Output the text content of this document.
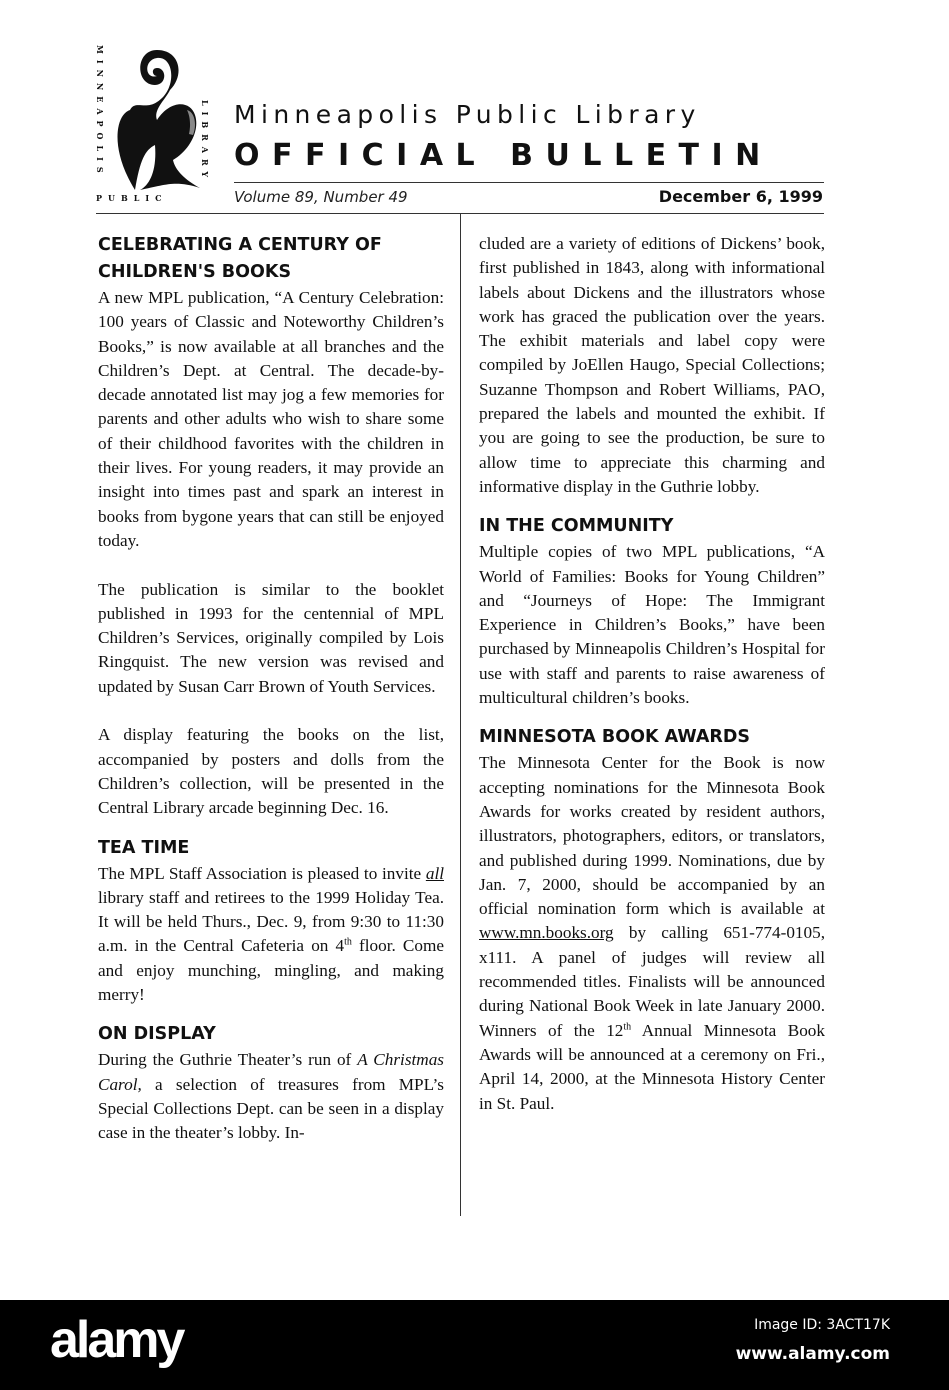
MINNEAPOLIS	LIBRARY
PUBLIC
Minneapolis Public Library
OFFICIAL BULLETIN
Volume 89, Number 49	December 6, 1999
CELEBRATING A CENTURY OF CHILDREN'S BOOKS

A new MPL publication, “A Century Celebration: 100 years of Classic and Noteworthy Children’s Books,” is now available at all branches and the Children’s Dept. at Central. The decade-by-decade annotated list may jog a few memories for parents and other adults who wish to share some of their childhood favorites with the children in their lives. For young readers, it may provide an insight into times past and spark an interest in books from bygone years that can still be enjoyed today.

The publication is similar to the booklet published in 1993 for the centennial of MPL Children’s Services, originally compiled by Lois Ringquist. The new version was revised and updated by Susan Carr Brown of Youth Services.

A display featuring the books on the list, accompanied by posters and dolls from the Children’s collection, will be presented in the Central Library arcade beginning Dec. 16.

TEA TIME

The MPL Staff Association is pleased to invite all library staff and retirees to the 1999 Holiday Tea. It will be held Thurs., Dec. 9, from 9:30 to 11:30 a.m. in the Central Cafeteria on 4th floor. Come and enjoy munching, mingling, and making merry!

ON DISPLAY

During the Guthrie Theater’s run of A Christmas Carol, a selection of treasures from MPL’s Special Collections Dept. can be seen in a display case in the theater’s lobby. In-

cluded are a variety of editions of Dickens’ book, first published in 1843, along with informational labels about Dickens and the illustrators whose work has graced the publication over the years. The exhibit materials and label copy were compiled by JoEllen Haugo, Special Collections; Suzanne Thompson and Robert Williams, PAO, prepared the labels and mounted the exhibit. If you are going to see the production, be sure to allow time to appreciate this charming and informative display in the Guthrie lobby.

IN THE COMMUNITY

Multiple copies of two MPL publications, “A World of Families: Books for Young Children” and “Journeys of Hope: The Immigrant Experience in Children’s Books,” have been purchased by Minneapolis Children’s Hospital for use with staff and parents to raise awareness of multicultural children’s books.

MINNESOTA BOOK AWARDS

The Minnesota Center for the Book is now accepting nominations for the Minnesota Book Awards for works created by resident authors, illustrators, photographers, editors, or translators, and published during 1999. Nominations, due by Jan. 7, 2000, should be accompanied by an official nomination form which is available at www.mn.books.org by calling 651-774-0105, x111. A panel of judges will review all recommended titles. Finalists will be announced during National Book Week in late January 2000. Winners of the 12th Annual Minnesota Book Awards will be announced at a ceremony on Fri., April 14, 2000, at the Minnesota History Center in St. Paul.

alamy	Image ID: 3ACT17K
www.alamy.com
